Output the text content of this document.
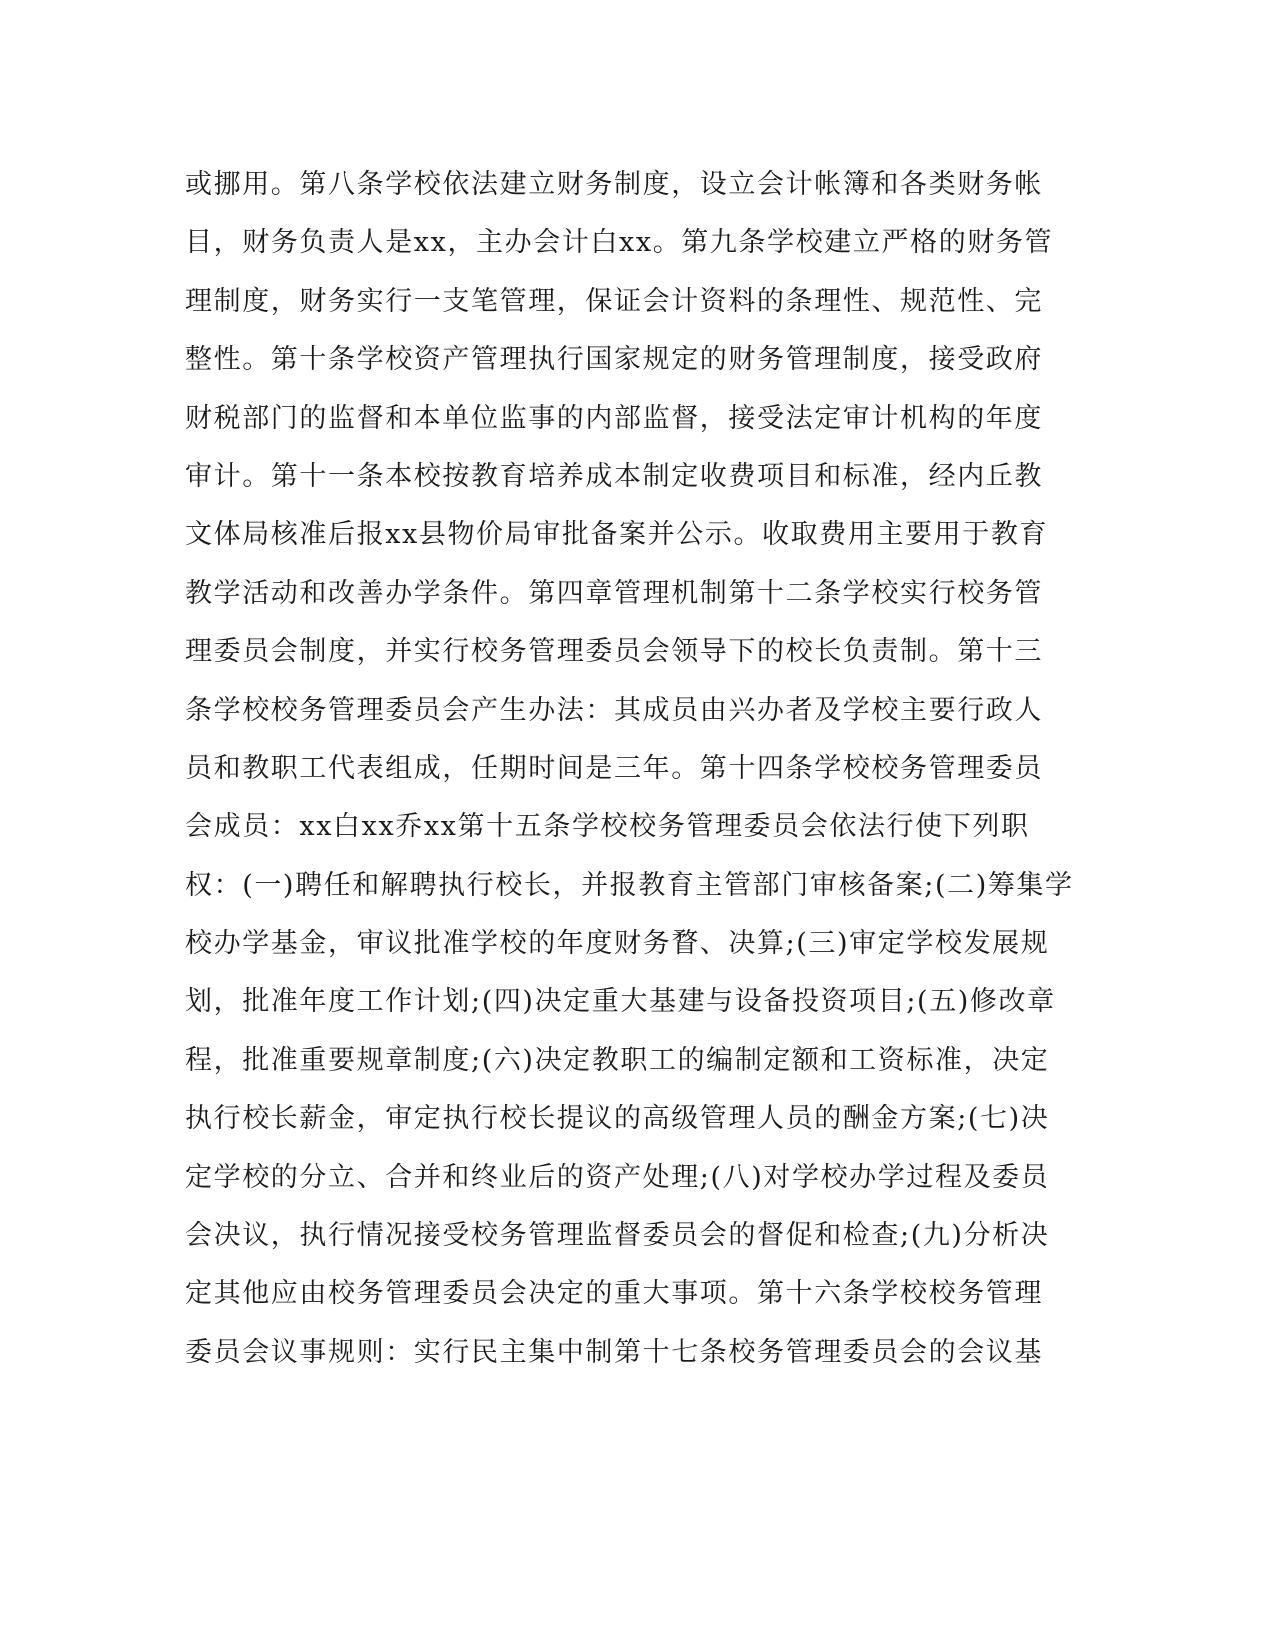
或挪用。第八条学校依法建立财务制度，设立会计帐簿和各类财务帐
目，财务负责人是xx，主办会计白xx。第九条学校建立严格的财务管
理制度，财务实行一支笔管理，保证会计资料的条理性、规范性、完
整性。第十条学校资产管理执行国家规定的财务管理制度，接受政府
财税部门的监督和本单位监事的内部监督，接受法定审计机构的年度
审计。第十一条本校按教育培养成本制定收费项目和标准，经内丘教
文体局核准后报xx县物价局审批备案并公示。收取费用主要用于教育
教学活动和改善办学条件。第四章管理机制第十二条学校实行校务管
理委员会制度，并实行校务管理委员会领导下的校长负责制。第十三
条学校校务管理委员会产生办法：其成员由兴办者及学校主要行政人
员和教职工代表组成，任期时间是三年。第十四条学校校务管理委员
会成员：xx白xx乔xx第十五条学校校务管理委员会依法行使下列职
权：(一)聘任和解聘执行校长，并报教育主管部门审核备案;(二)筹集学
校办学基金，审议批准学校的年度财务瞀、决算;(三)审定学校发展规
划，批准年度工作计划;(四)决定重大基建与设备投资项目;(五)修改章
程，批准重要规章制度;(六)决定教职工的编制定额和工资标准，决定
执行校长薪金，审定执行校长提议的高级管理人员的酬金方案;(七)决
定学校的分立、合并和终业后的资产处理;(八)对学校办学过程及委员
会决议，执行情况接受校务管理监督委员会的督促和检查;(九)分析决
定其他应由校务管理委员会决定的重大事项。第十六条学校校务管理
委员会议事规则：实行民主集中制第十七条校务管理委员会的会议基
